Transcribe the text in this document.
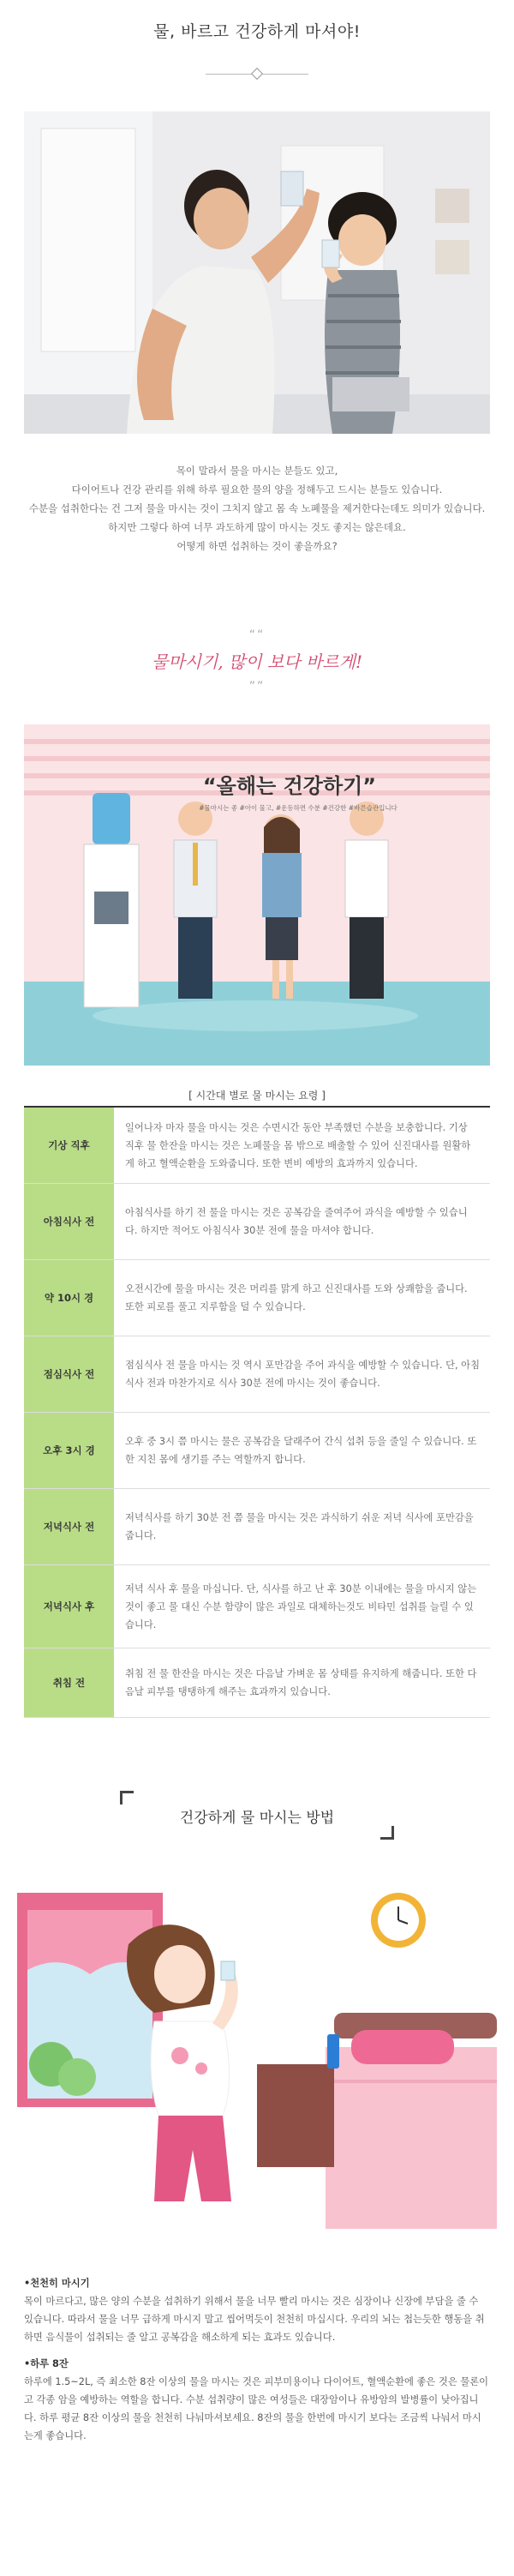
물, 바르고 건강하게 마셔야!
목이 말라서 물을 마시는 분들도 있고,
다이어트나 건강 관리를 위해 하루 필요한 물의 양을 정해두고 드시는 분들도 있습니다.
수분을 섭취한다는 건 그저 물을 마시는 것이 그치지 않고 몸 속 노폐물을 제거한다는데도 의미가 있습니다.
하지만 그렇다 하여 너무 과도하게 많이 마시는 것도 좋지는 않은데요.
어떻게 하면 섭취하는 것이 좋을까요?
““
물마시기, 많이 보다 바르게!
””
“올해는 건강하기”
#물마시는 좋 #아이 물고, #운동하면 수분 #건강한 #바른습관입니다
[ 시간대 별로 물 마시는 요령 ]
기상 직후
일어나자 마자 물을 마시는 것은 수면시간 동안 부족했던 수분을 보충합니다. 기상 직후 물 한잔을 마시는 것은 노폐물을 몸 밖으로 배출할 수 있어 신진대사를 원활하게 하고 혈액순환을 도와줍니다. 또한 변비 예방의 효과까지 있습니다.
아침식사 전
아침식사를 하기 전 물을 마시는 것은 공복감을 줄여주어 과식을 예방할 수 있습니다. 하지만 적어도 아침식사 30분 전에 물을 마셔야 합니다.
약 10시 경
오전시간에 물을 마시는 것은 머리를 맑게 하고 신진대사를 도와 상쾌함을 줍니다. 또한 피로를 풀고 지루함을 덜 수 있습니다.
점심식사 전
점심식사 전 물을 마시는 것 역시 포만감을 주어 과식을 예방할 수 있습니다. 단, 아침식사 전과 마찬가지로 식사 30분 전에 마시는 것이 좋습니다.
오후 3시 경
오후 중 3시 쯤 마시는 물은 공복감을 달래주어 간식 섭취 등을 줄일 수 있습니다. 또한 지친 몸에 생기를 주는 역할까지 합니다.
저녁식사 전
저녁식사를 하기 30분 전 쯤 물을 마시는 것은 과식하기 쉬운 저녁 식사에 포만감을 줍니다.
저녁식사 후
저녁 식사 후 물을 마십니다. 단, 식사를 하고 난 후 30분 이내에는 물을 마시지 않는것이 좋고 물 대신 수분 함량이 많은 과일로 대체하는것도 비타민 섭취를 늘릴 수 있습니다.
취침 전
취침 전 물 한잔을 마시는 것은 다음날 가벼운 몸 상태를 유지하게 해줍니다. 또한 다음날 피부를 탱탱하게 해주는 효과까지 있습니다.
건강하게 물 마시는 방법
•천천히 마시기
목이 마르다고, 많은 양의 수분을 섭취하기 위해서 물을 너무 빨리 마시는 것은 심장이나 신장에 부담을 줄 수 있습니다. 따라서 물을 너무 급하게 마시지 말고 씹어먹듯이 천천히 마십시다. 우리의 뇌는 첩는듯한 행동을 취하면 음식물이 섭취되는 줄 알고 공복감을 해소하게 되는 효과도 있습니다.
•하루 8잔
하루에 1.5~2L, 즉 최소한 8잔 이상의 물을 마시는 것은 피부미용이나 다이어트, 혈액순환에 좋은 것은 물론이고 각종 암을 예방하는 역할을 합니다. 수분 섭취량이 많은 여성들은 대장암이나 유방암의 발병률이 낮아집니다. 하루 평균 8잔 이상의 물을 천천히 나눠마셔보세요. 8잔의 물을 한번에 마시기 보다는 조금씩 나눠서 마시는게 좋습니다.
